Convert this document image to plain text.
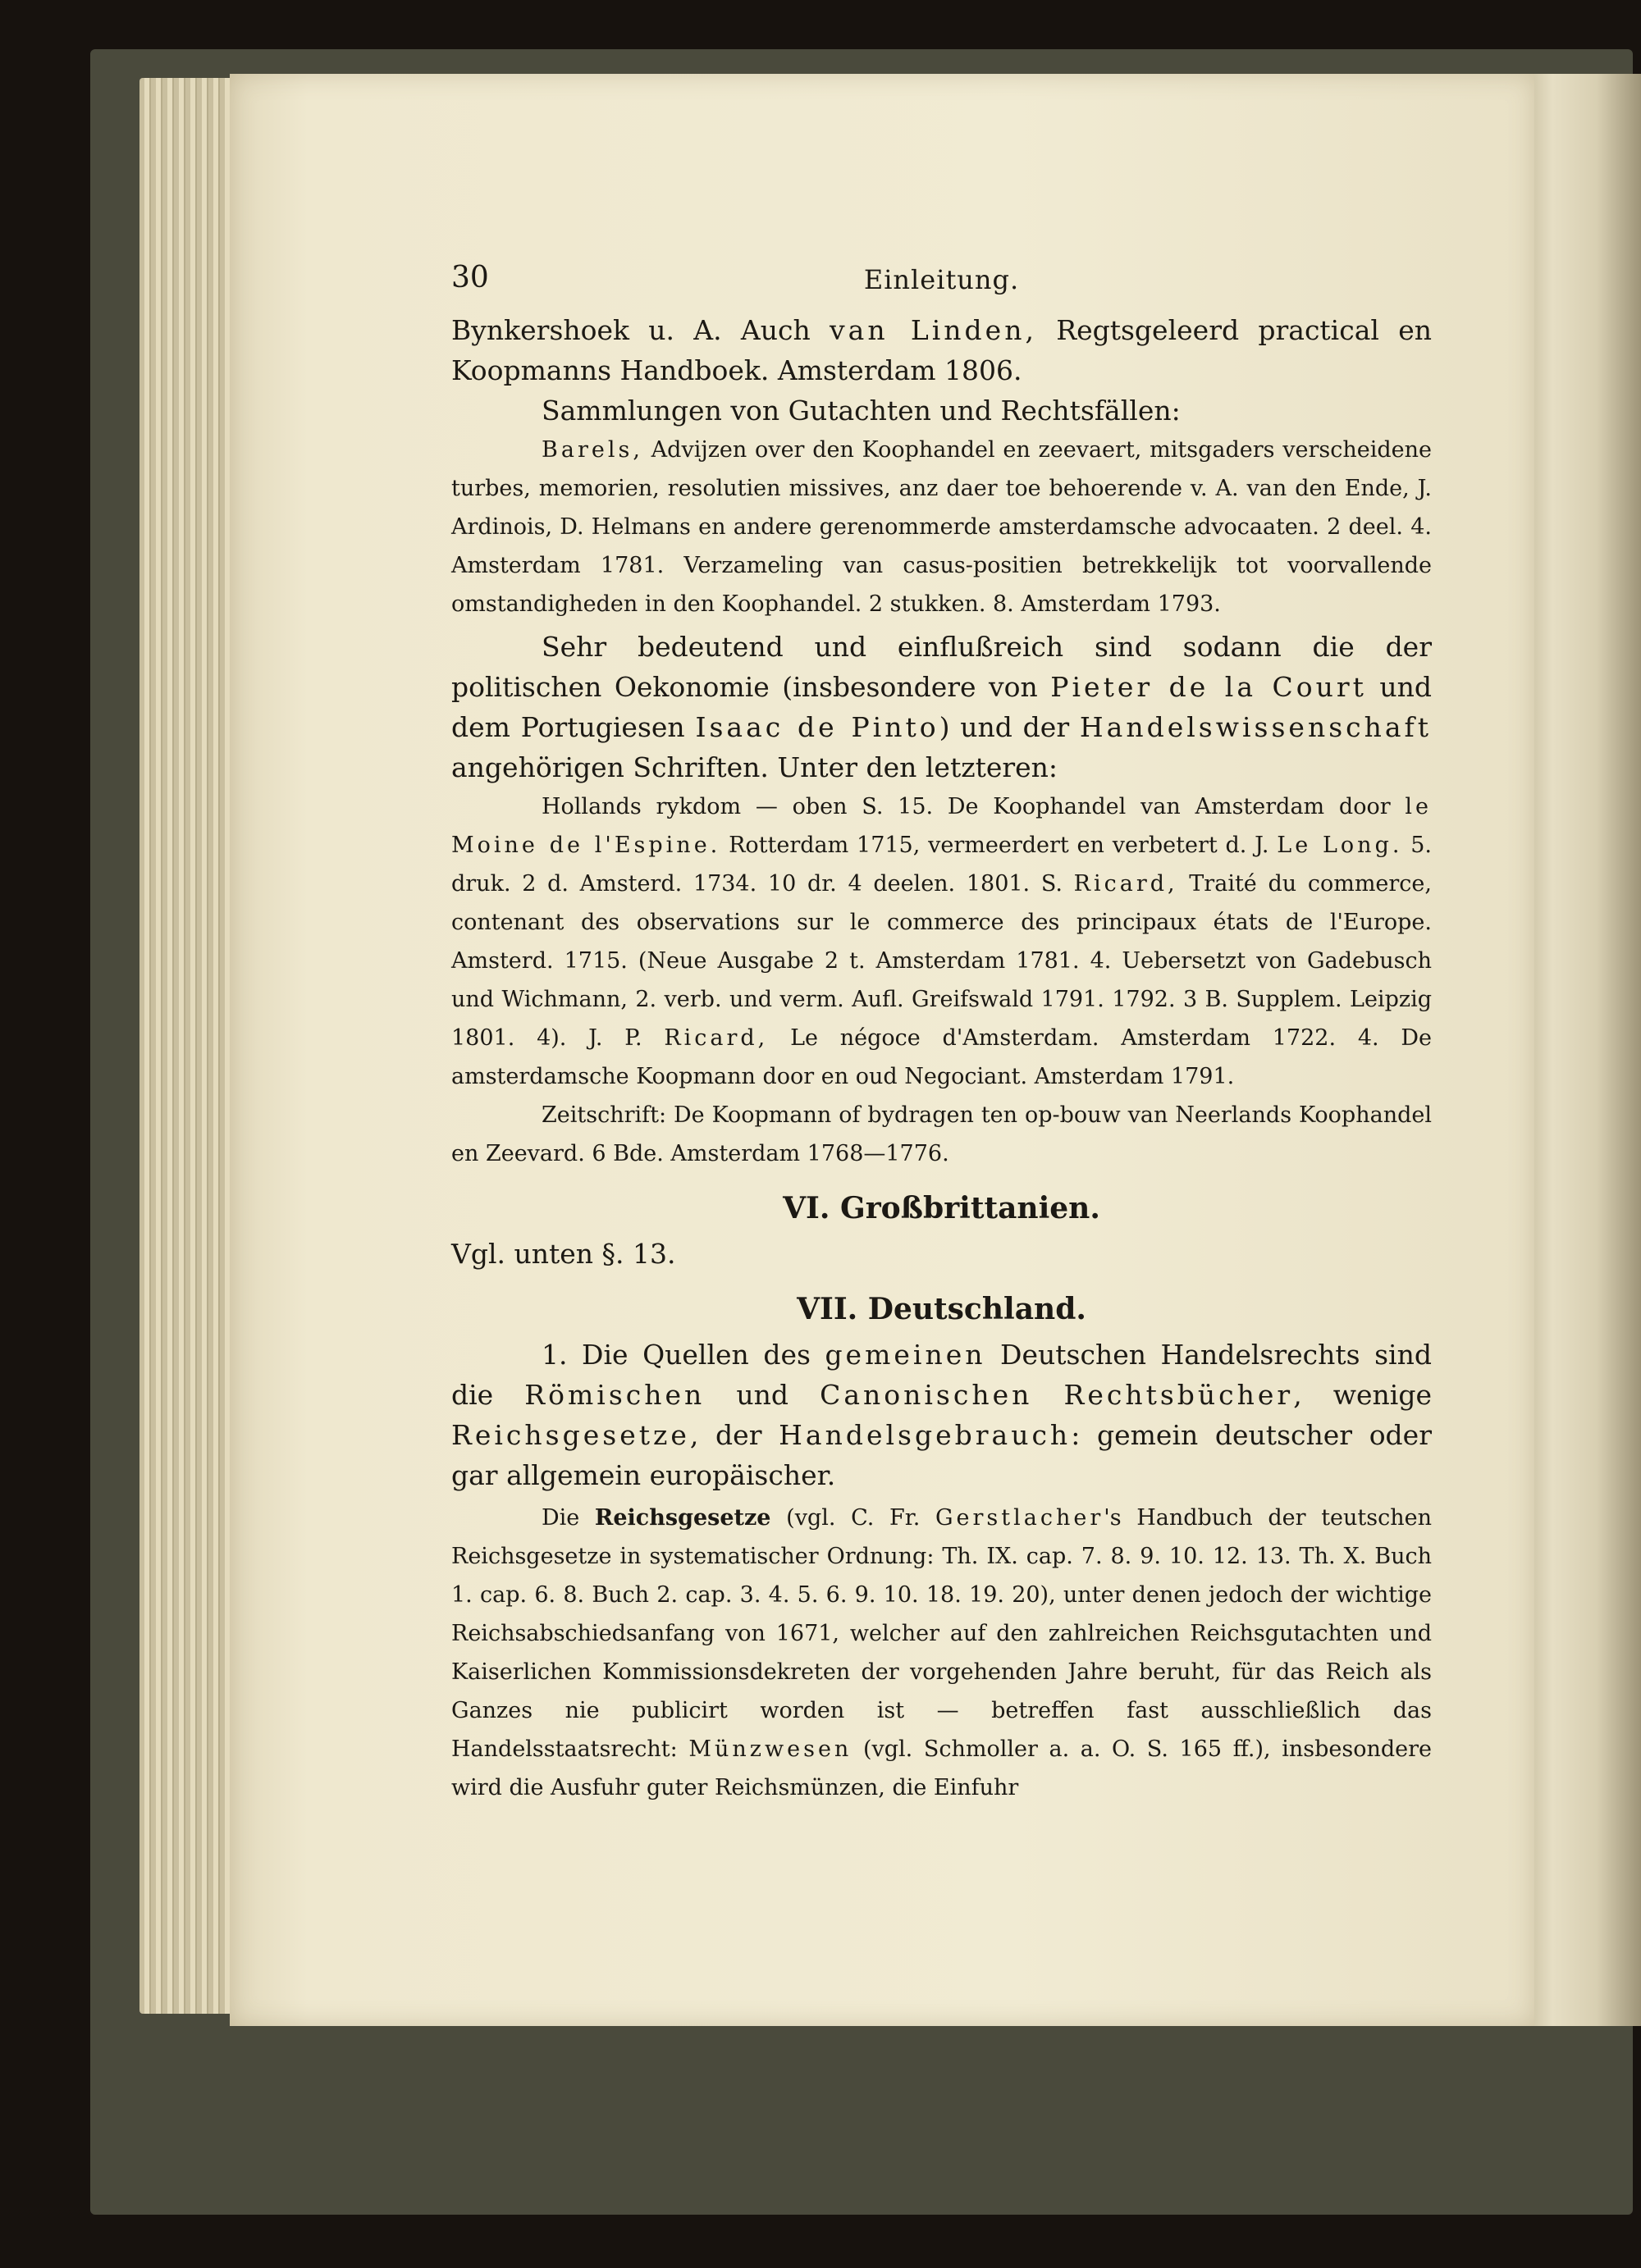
30	Einleitung.

Bynkershoek u. A. Auch van Linden, Regtsgeleerd practical en Koopmanns Handboek. Amsterdam 1806.

Sammlungen von Gutachten und Rechtsfällen:

Barels, Advijzen over den Koophandel en zeevaert, mitsgaders verscheidene turbes, memorien, resolutien missives, anz daer toe behoerende v. A. van den Ende, J. Ardinois, D. Helmans en andere gerenommerde amsterdamsche advocaaten. 2 deel. 4. Amsterdam 1781. Verzameling van casus-positien betrekkelijk tot voorvallende omstandigheden in den Koophandel. 2 stukken. 8. Amsterdam 1793.

Sehr bedeutend und einflußreich sind sodann die der politischen Oekonomie (insbesondere von Pieter de la Court und dem Portugiesen Isaac de Pinto) und der Handelswissenschaft angehörigen Schriften. Unter den letzteren:

Hollands rykdom — oben S. 15. De Koophandel van Amsterdam door le Moine de l'Espine. Rotterdam 1715, vermeerdert en verbetert d. J. Le Long. 5. druk. 2 d. Amsterd. 1734. 10 dr. 4 deelen. 1801. S. Ricard, Traité du commerce, contenant des observations sur le commerce des principaux états de l'Europe. Amsterd. 1715. (Neue Ausgabe 2 t. Amsterdam 1781. 4. Uebersetzt von Gadebusch und Wichmann, 2. verb. und verm. Aufl. Greifswald 1791. 1792. 3 B. Supplem. Leipzig 1801. 4). J. P. Ricard, Le négoce d'Amsterdam. Amsterdam 1722. 4. De amsterdamsche Koopmann door en oud Negociant. Amsterdam 1791.

Zeitschrift: De Koopmann of bydragen ten op-bouw van Neerlands Koophandel en Zeevard. 6 Bde. Amsterdam 1768—1776.

VI. Großbrittanien.

Vgl. unten §. 13.

VII. Deutschland.

1. Die Quellen des gemeinen Deutschen Handelsrechts sind die Römischen und Canonischen Rechtsbücher, wenige Reichsgesetze, der Handelsgebrauch: gemein deutscher oder gar allgemein europäischer.

Die Reichsgesetze (vgl. C. Fr. Gerstlacher's Handbuch der teutschen Reichsgesetze in systematischer Ordnung: Th. IX. cap. 7. 8. 9. 10. 12. 13. Th. X. Buch 1. cap. 6. 8. Buch 2. cap. 3. 4. 5. 6. 9. 10. 18. 19. 20), unter denen jedoch der wichtige Reichsabschiedsanfang von 1671, welcher auf den zahlreichen Reichsgutachten und Kaiserlichen Kommissionsdekreten der vorgehenden Jahre beruht, für das Reich als Ganzes nie publicirt worden ist — betreffen fast ausschließlich das Handelsstaatsrecht: Münzwesen (vgl. Schmoller a. a. O. S. 165 ff.), insbesondere wird die Ausfuhr guter Reichsmünzen, die Einfuhr
